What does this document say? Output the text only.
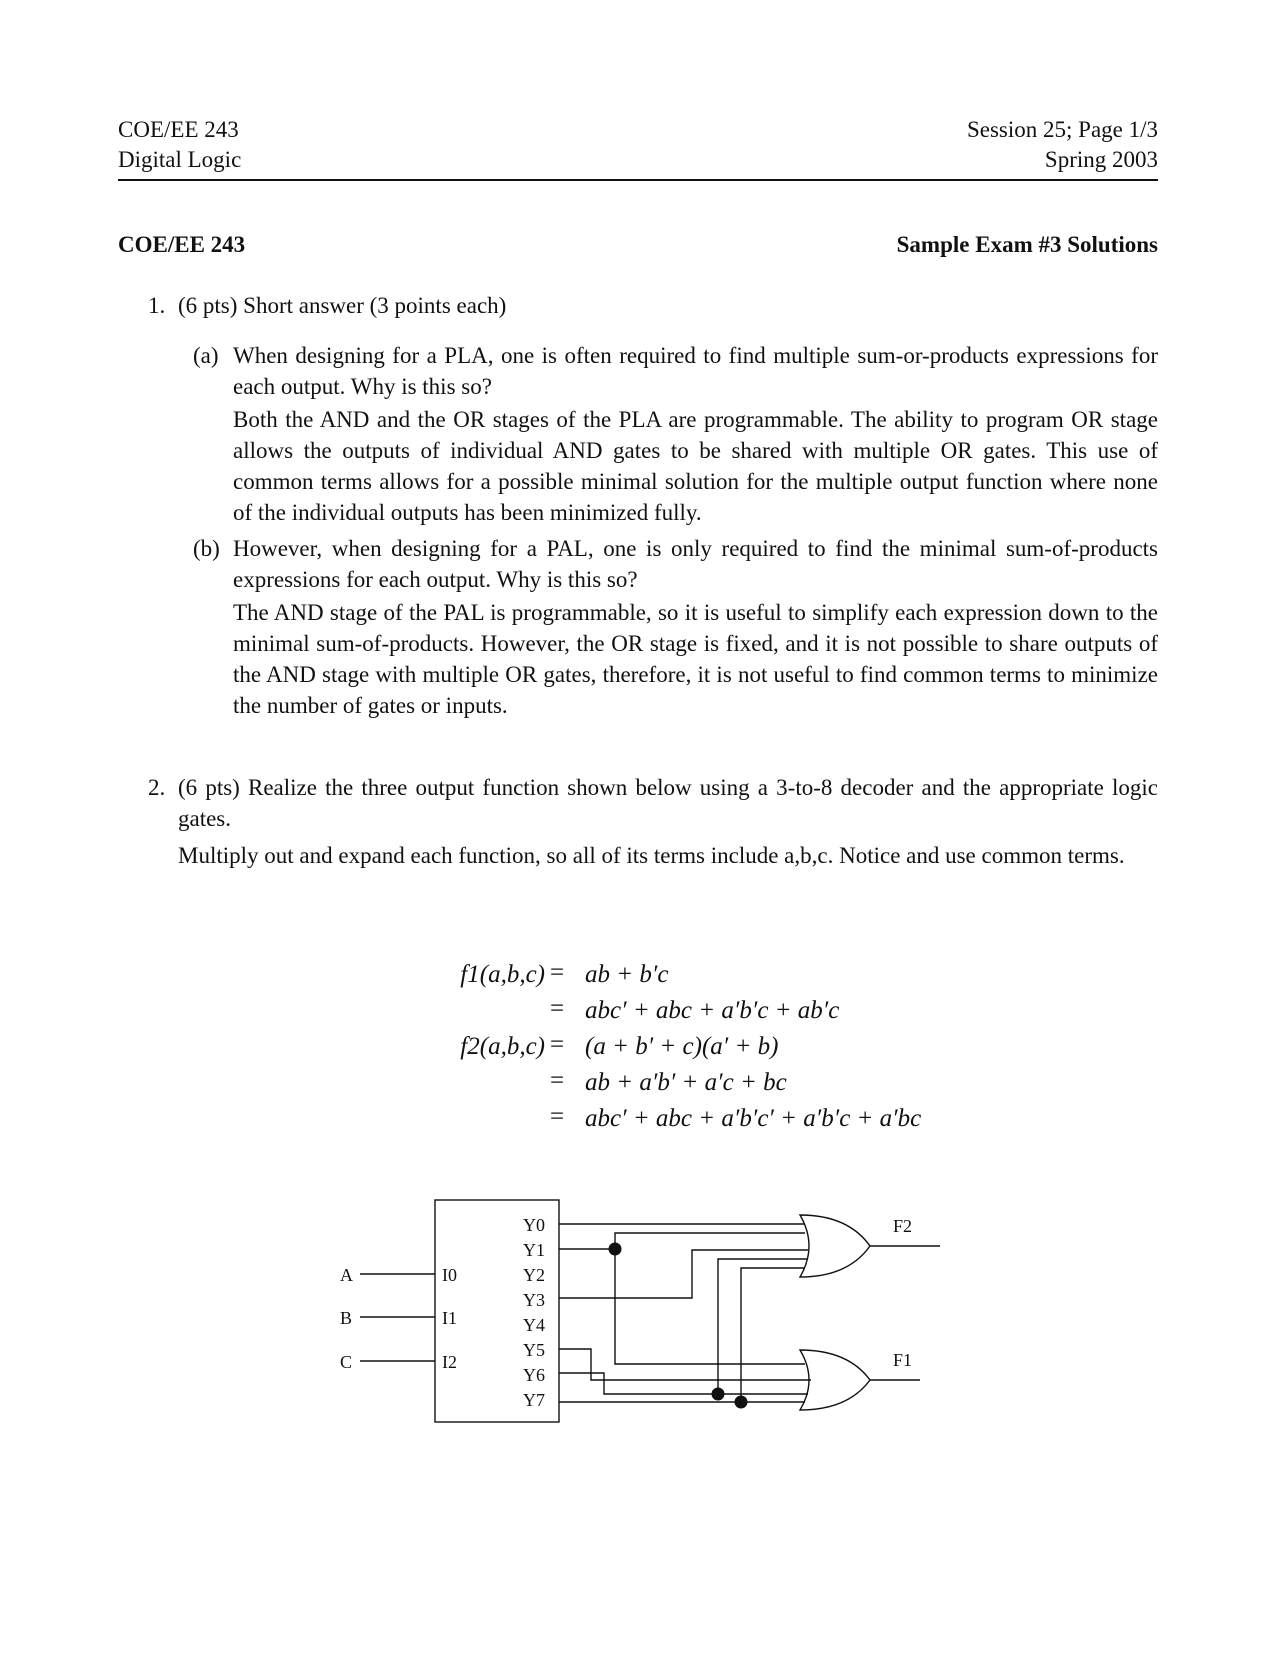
COE/EE 243
Digital Logic
Session 25; Page 1/3
Spring 2003
COE/EE 243	Sample Exam #3 Solutions
1. (6 pts) Short answer (3 points each)
(a) When designing for a PLA, one is often required to find multiple sum-or-products expressions for each output. Why is this so?
Both the AND and the OR stages of the PLA are programmable. The ability to program OR stage allows the outputs of individual AND gates to be shared with multiple OR gates. This use of common terms allows for a possible minimal solution for the multiple output function where none of the individual outputs has been minimized fully.
(b) However, when designing for a PAL, one is only required to find the minimal sum-of-products expressions for each output. Why is this so?
The AND stage of the PAL is programmable, so it is useful to simplify each expression down to the minimal sum-of-products. However, the OR stage is fixed, and it is not possible to share outputs of the AND stage with multiple OR gates, therefore, it is not useful to find common terms to minimize the number of gates or inputs.
2. (6 pts) Realize the three output function shown below using a 3-to-8 decoder and the appropriate logic gates.
Multiply out and expand each function, so all of its terms include a,b,c. Notice and use common terms.
f1(a,b,c) = ab + b′c
= abc′ + abc + a′b′c + ab′c
f2(a,b,c) = (a + b′ + c)(a′ + b)
= ab + a′b′ + a′c + bc
= abc′ + abc + a′b′c′ + a′b′c + a′bc
A
B
C
I0
I1
I2
Y0
Y1
Y2
Y3
Y4
Y5
Y6
Y7
F2
F1
